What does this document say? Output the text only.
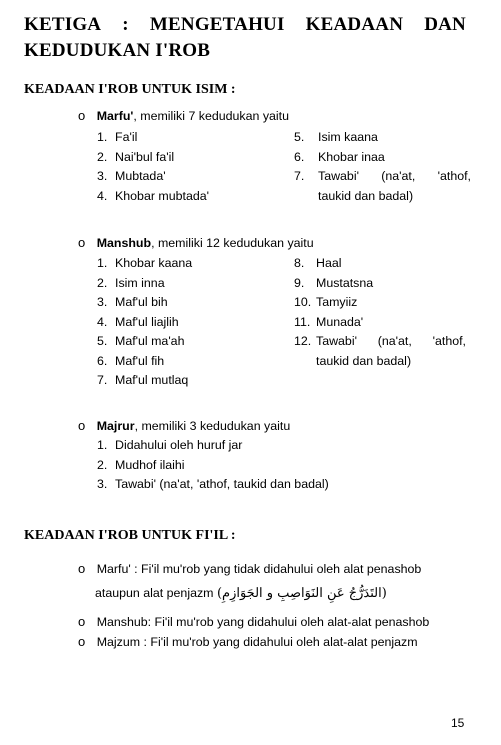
KETIGA : MENGETAHUI KEADAAN DAN
KEDUDUKAN I'ROB
KEADAAN I'ROB UNTUK ISIM :
o Marfu', memiliki 7 kedudukan yaitu
1. Fa'il
2. Nai'bul fa'il
3. Mubtada'
4. Khobar mubtada'
5.	Isim kaana
6.	Khobar inaa
7.	Tawabi' (na'at, 'athof,
taukid dan badal)
o Manshub, memiliki 12 kedudukan yaitu
1. Khobar kaana
2. Isim inna
3. Maf'ul bih
4. Maf'ul liajlih
5. Maf'ul ma'ah
6. Maf'ul fih
7. Maf'ul mutlaq
8. Haal
9. Mustatsna
10. Tamyiiz
11. Munada'
12. Tawabi' (na'at, 'athof,
taukid dan badal)
o Majrur, memiliki 3 kedudukan yaitu
1. Didahului oleh huruf jar
2. Mudhof ilaihi
3. Tawabi' (na'at, 'athof, taukid dan badal)
KEADAAN I'ROB UNTUK FI'IL :
o Marfu' : Fi'il mu'rob yang tidak didahului oleh alat penashob
ataupun alat penjazm (التَدَرُّجُ عَنِ النَوَاصِبِ و الجَوَازِمِ)
o Manshub: Fi'il mu'rob yang didahului oleh alat-alat penashob
o Majzum : Fi'il mu'rob yang didahului oleh alat-alat penjazm
15
